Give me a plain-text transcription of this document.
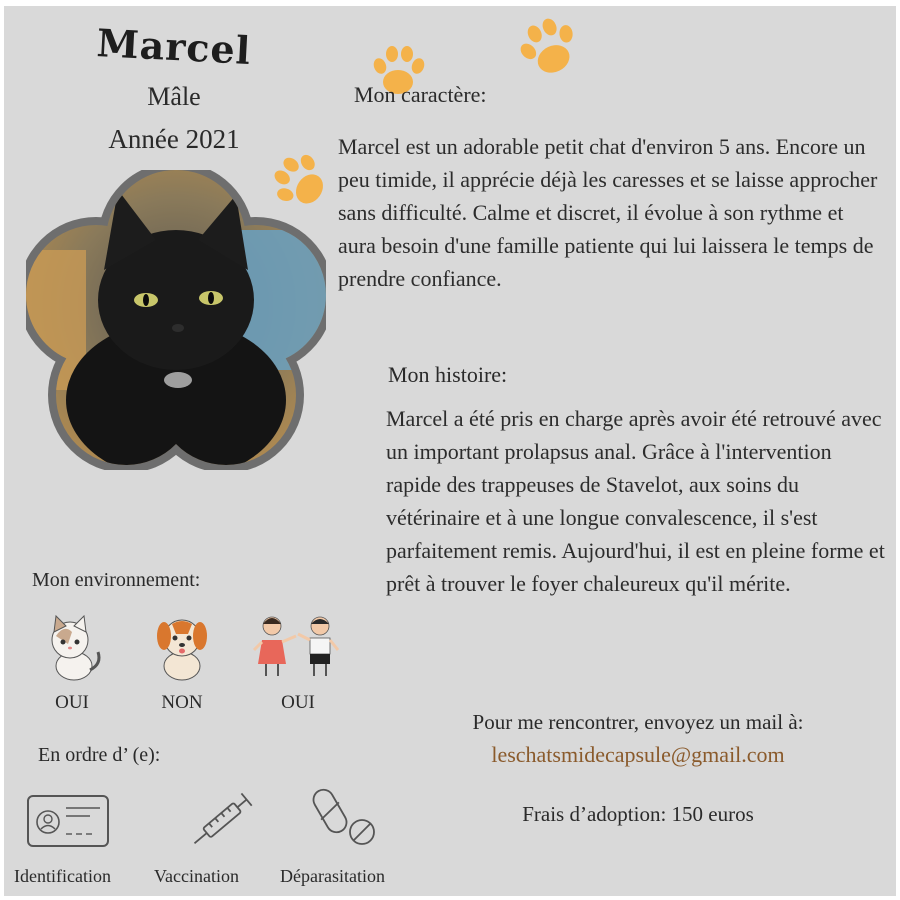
Marcel
Mâle
Année 2021
Mon caractère:
Marcel est un adorable petit chat d'environ 5 ans. Encore un peu timide, il apprécie déjà les caresses et se laisse approcher sans difficulté. Calme et discret, il évolue à son rythme et aura besoin d'une famille patiente qui lui laissera le temps de prendre confiance.
Mon histoire:
Marcel a été pris en charge après avoir été retrouvé avec un important prolapsus anal. Grâce à l'intervention rapide des trappeuses de Stavelot, aux soins du vétérinaire et à une longue convalescence, il s'est parfaitement remis. Aujourd'hui, il est en pleine forme et prêt à trouver le foyer chaleureux qu'il mérite.
Mon environnement:
OUI	NON	OUI
En ordre d’ (e):
Identification Vaccination Déparasitation
Pour me rencontrer, envoyez un mail à:
leschatsmidecapsule@gmail.com
Frais d’adoption: 150 euros
